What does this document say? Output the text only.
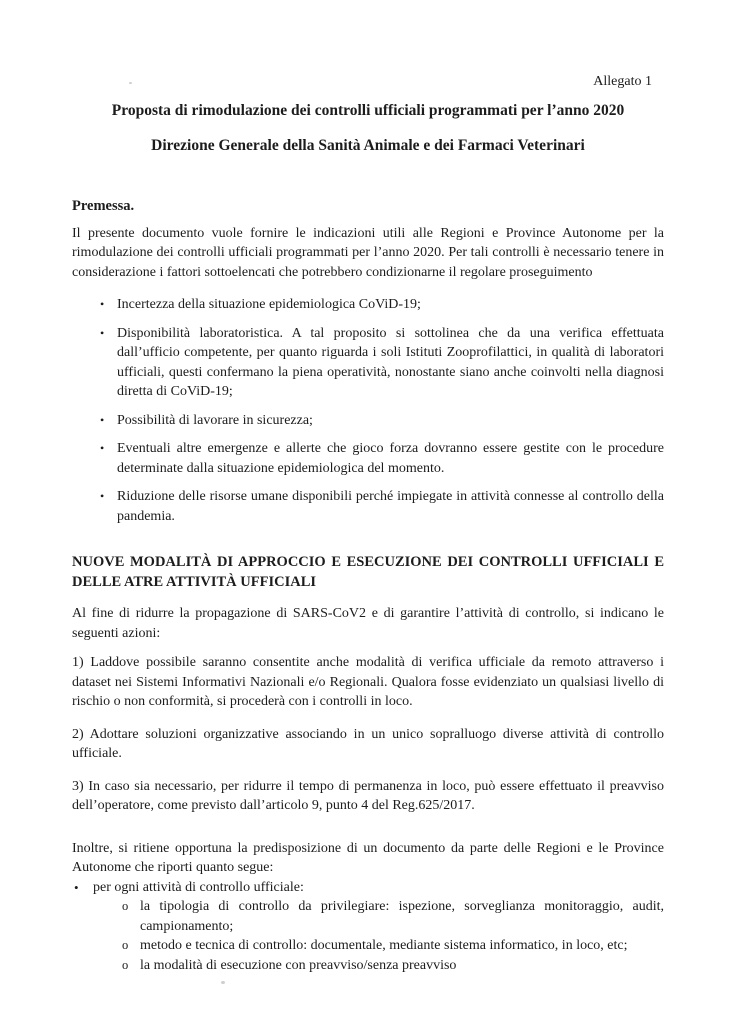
Allegato 1

Proposta di rimodulazione dei controlli ufficiali programmati per l’anno 2020
Direzione Generale della Sanità Animale e dei Farmaci Veterinari

Premessa.

Il presente documento vuole fornire le indicazioni utili alle Regioni e Province Autonome per la rimodulazione dei controlli ufficiali programmati per l’anno 2020. Per tali controlli è necessario tenere in considerazione i fattori sottoelencati che potrebbero condizionarne il regolare proseguimento

• Incertezza della situazione epidemiologica CoViD-19;
• Disponibilità laboratoristica. A tal proposito si sottolinea che da una verifica effettuata dall’ufficio competente, per quanto riguarda i soli Istituti Zooprofilattici, in qualità di laboratori ufficiali, questi confermano la piena operatività, nonostante siano anche coinvolti nella diagnosi diretta di CoViD-19;
• Possibilità di lavorare in sicurezza;
• Eventuali altre emergenze e allerte che gioco forza dovranno essere gestite con le procedure determinate dalla situazione epidemiologica del momento.
• Riduzione delle risorse umane disponibili perché impiegate in attività connesse al controllo della pandemia.
NUOVE MODALITÀ DI APPROCCIO E ESECUZIONE DEI CONTROLLI UFFICIALI E DELLE ATRE ATTIVITÀ UFFICIALI

Al fine di ridurre la propagazione di SARS-CoV2 e di garantire l’attività di controllo, si indicano le seguenti azioni:

1) Laddove possibile saranno consentite anche modalità di verifica ufficiale da remoto attraverso i dataset nei Sistemi Informativi Nazionali e/o Regionali. Qualora fosse evidenziato un qualsiasi livello di rischio o non conformità, si procederà con i controlli in loco.

2) Adottare soluzioni organizzative associando in un unico sopralluogo diverse attività di controllo ufficiale.

3) In caso sia necessario, per ridurre il tempo di permanenza in loco, può essere effettuato il preavviso dell’operatore, come previsto dall’articolo 9, punto 4 del Reg.625/2017.

Inoltre, si ritiene opportuna la predisposizione di un documento da parte delle Regioni e le Province Autonome che riporti quanto segue:

•	per ogni attività di controllo ufficiale:
o la tipologia di controllo da privilegiare: ispezione, sorveglianza monitoraggio, audit, campionamento;
o metodo e tecnica di controllo: documentale, mediante sistema informatico, in loco, etc;
o la modalità di esecuzione con preavviso/senza preavviso
